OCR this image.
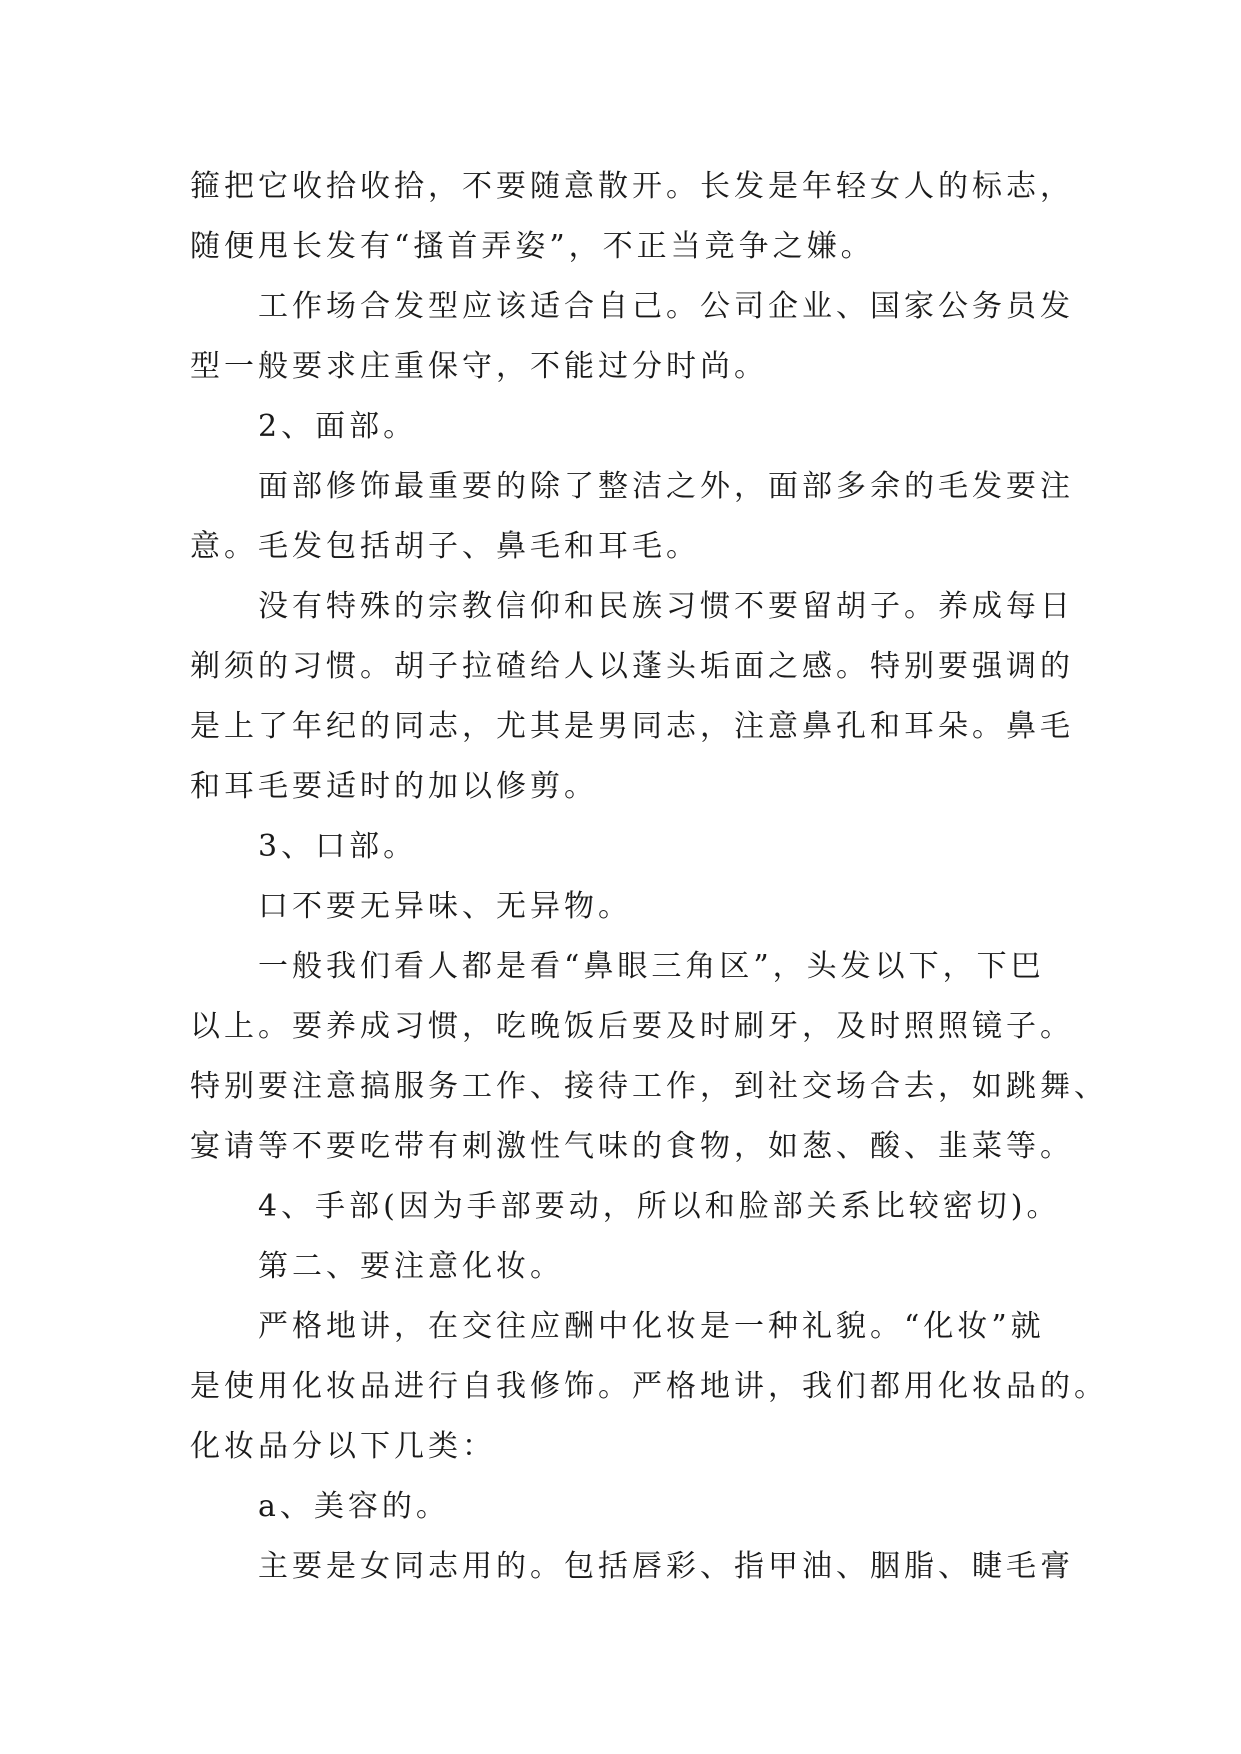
箍把它收拾收拾，不要随意散开。长发是年轻女人的标志，
随便甩长发有“搔首弄姿”，不正当竞争之嫌。
工作场合发型应该适合自己。公司企业、国家公务员发
型一般要求庄重保守，不能过分时尚。
2、面部。
面部修饰最重要的除了整洁之外，面部多余的毛发要注
意。毛发包括胡子、鼻毛和耳毛。
没有特殊的宗教信仰和民族习惯不要留胡子。养成每日
剃须的习惯。胡子拉碴给人以蓬头垢面之感。特别要强调的
是上了年纪的同志，尤其是男同志，注意鼻孔和耳朵。鼻毛
和耳毛要适时的加以修剪。
3、口部。
口不要无异味、无异物。
一般我们看人都是看“鼻眼三角区”，头发以下，下巴
以上。要养成习惯，吃晚饭后要及时刷牙，及时照照镜子。
特别要注意搞服务工作、接待工作，到社交场合去，如跳舞、
宴请等不要吃带有刺激性气味的食物，如葱、酸、韭菜等。
4、手部(因为手部要动，所以和脸部关系比较密切)。
第二、要注意化妆。
严格地讲，在交往应酬中化妆是一种礼貌。“化妆”就
是使用化妆品进行自我修饰。严格地讲，我们都用化妆品的。
化妆品分以下几类：
a、美容的。
主要是女同志用的。包括唇彩、指甲油、胭脂、睫毛膏
